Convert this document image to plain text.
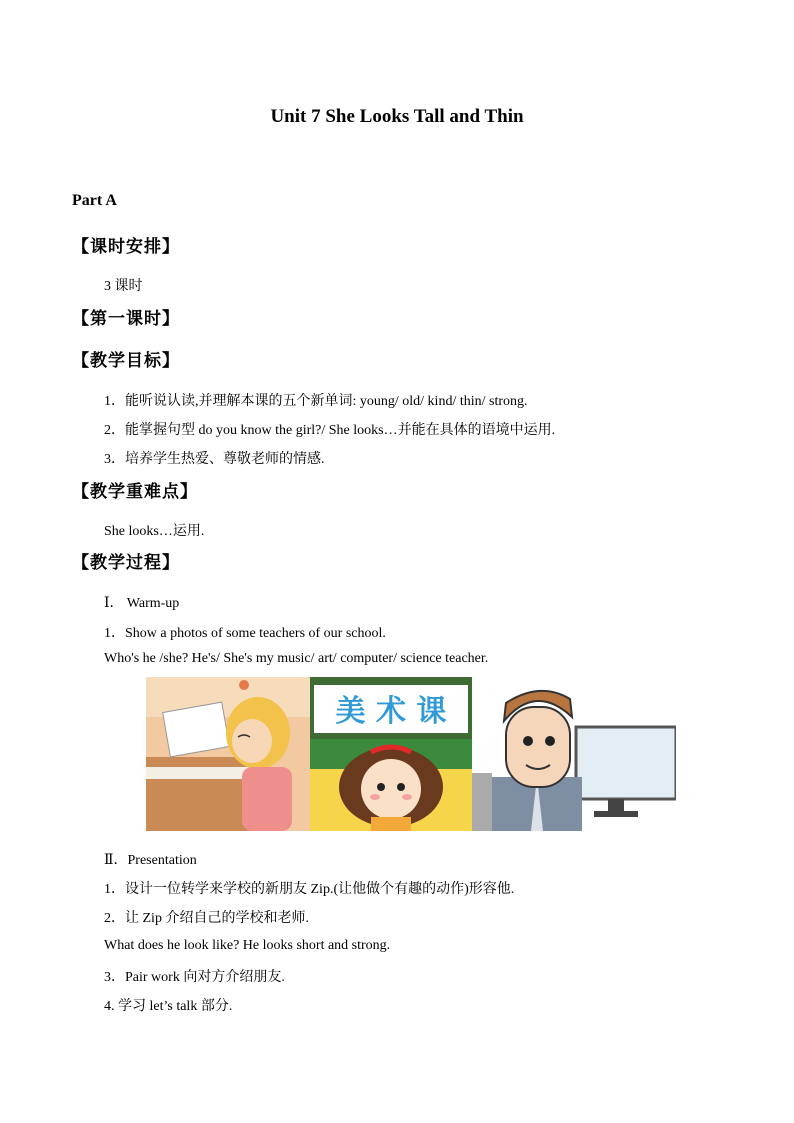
Unit 7 She Looks Tall and Thin
Part A
【课时安排】
3 课时
【第一课时】
【教学目标】
1．能听说认读,并理解本课的五个新单词: young/ old/ kind/ thin/ strong.
2．能掌握句型 do you know the girl?/ She looks…并能在具体的语境中运用.
3．培养学生热爱、尊敬老师的情感.
【教学重难点】
She looks…运用.
【教学过程】
Ⅰ． Warm-up
1．Show a photos of some teachers of our school.
Who's he /she? He's/ She's my music/ art/ computer/ science teacher.
美 术 课
Ⅱ．Presentation
1．设计一位转学来学校的新朋友 Zip.(让他做个有趣的动作)形容他.
2．让 Zip 介绍自己的学校和老师.
What does he look like? He looks short and strong.
3．Pair work 向对方介绍朋友.
4. 学习 let’s talk 部分.
